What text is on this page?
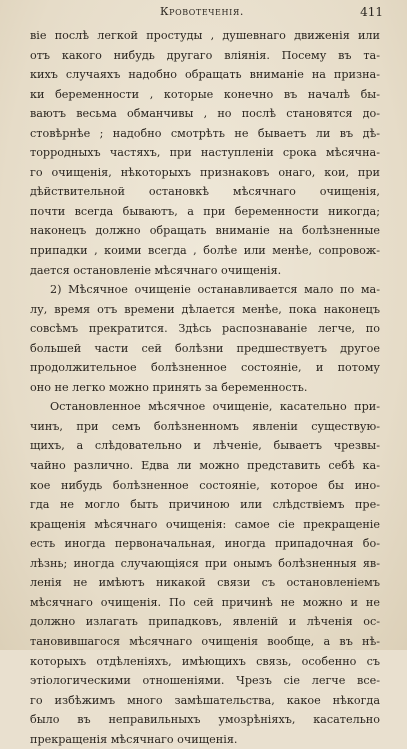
Кровотеченія.	411
віе послѣ легкой простуды , душевнаго движенія или
отъ какого нибудь другаго вліянія. Посему въ та-
кихъ случаяхъ надобно обращать вниманіе на призна-
ки беременности , которые конечно въ началѣ бы-
ваютъ весьма обманчивы , но послѣ становятся до-
стовѣрнѣе ; надобно смотрѣть не бываетъ ли въ дѣ-
торродныхъ частяхъ, при наступленіи срока мѣсячна-
го очищенія, нѣкоторыхъ признаковъ онаго, кои, при
дѣйствительной остановкѣ мѣсячнаго очищенія,
почти всегда бываютъ, а при беременности никогда;
наконецъ должно обращать вниманіе на болѣзненные
припадки , коими всегда , болѣе или менѣе, сопровож-
дается остановленіе мѣсячнаго очищенія.
2) Мѣсячное очищеніе останавливается мало по ма-
лу, время отъ времени дѣлается менѣе, пока наконецъ
совсѣмъ прекратится. Здѣсь распознаваніе легче, по
большей части сей болѣзни предшествуетъ другое
продолжительное болѣзненное состояніе, и потому
оно не легко можно принять за беременность.
Остановленное мѣсячное очищеніе, касательно при-
чинъ, при семъ болѣзненномъ явленіи существую-
щихъ, а слѣдовательно и лѣченіе, бываетъ чрезвы-
чайно различно. Едва ли можно представить себѣ ка-
кое нибудь болѣзненное состояніе, которое бы ино-
гда не могло быть причиною или слѣдствіемъ пре-
кращенія мѣсячнаго очищенія: самое сіе прекращеніе
есть иногда первоначальная, иногда припадочная бо-
лѣзнь; иногда случающіяся при онымъ болѣзненныя яв-
ленія не имѣютъ никакой связи съ остановленіемъ
мѣсячнаго очищенія. По сей причинѣ не можно и не
должно излагать припадковъ, явленій и лѣченія ос-
тановившагося мѣсячнаго очищенія вообще, а въ нѣ-
которыхъ отдѣленіяхъ, имѣющихъ связь, особенно съ
этіологическими отношеніями. Чрезъ сіе легче все-
го избѣжимъ много замѣшательства, какое нѣкогда
было въ неправильныхъ умозрѣніяхъ, касательно
прекращенія мѣсячнаго очищенія.
